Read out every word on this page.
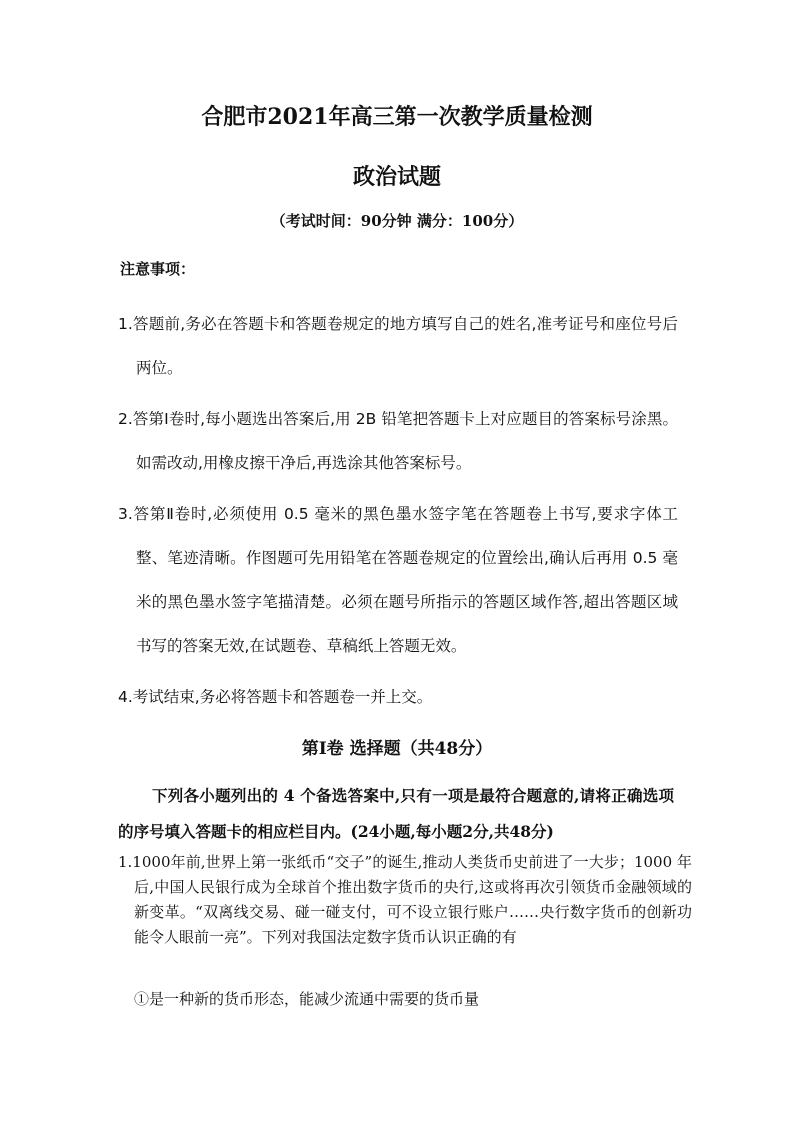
合肥市2021年高三第一次教学质量检测
政治试题
（考试时间：90分钟 满分：100分）
注意事项：

1.答题前,务必在答题卡和答题卷规定的地方填写自己的姓名,准考证号和座位号后两位。

2.答第Ⅰ卷时,每小题选出答案后,用 2B 铅笔把答题卡上对应题目的答案标号涂黑。如需改动,用橡皮擦干净后,再选涂其他答案标号。

3.答第Ⅱ卷时,必须使用 0.5 毫米的黑色墨水签字笔在答题卷上书写,要求字体工整、笔迹清晰。作图题可先用铅笔在答题卷规定的位置绘出,确认后再用 0.5 毫米的黑色墨水签字笔描清楚。必须在题号所指示的答题区域作答,超出答题区域书写的答案无效,在试题卷、草稿纸上答题无效。

4.考试结束,务必将答题卡和答题卷一并上交。

第Ⅰ卷 选择题（共48分）
下列各小题列出的 4 个备选答案中,只有一项是最符合题意的,请将正确选项的序号填入答题卡的相应栏目内。(24小题,每小题2分,共48分)
1.1000年前,世界上第一张纸币“交子”的诞生,推动人类货币史前进了一大步；1000 年后,中国人民银行成为全球首个推出数字货币的央行,这或将再次引领货币金融领域的新变革。“双离线交易、碰一碰支付，可不设立银行账户……央行数字货币的创新功能令人眼前一亮”。下列对我国法定数字货币认识正确的有
①是一种新的货币形态，能减少流通中需要的货币量
